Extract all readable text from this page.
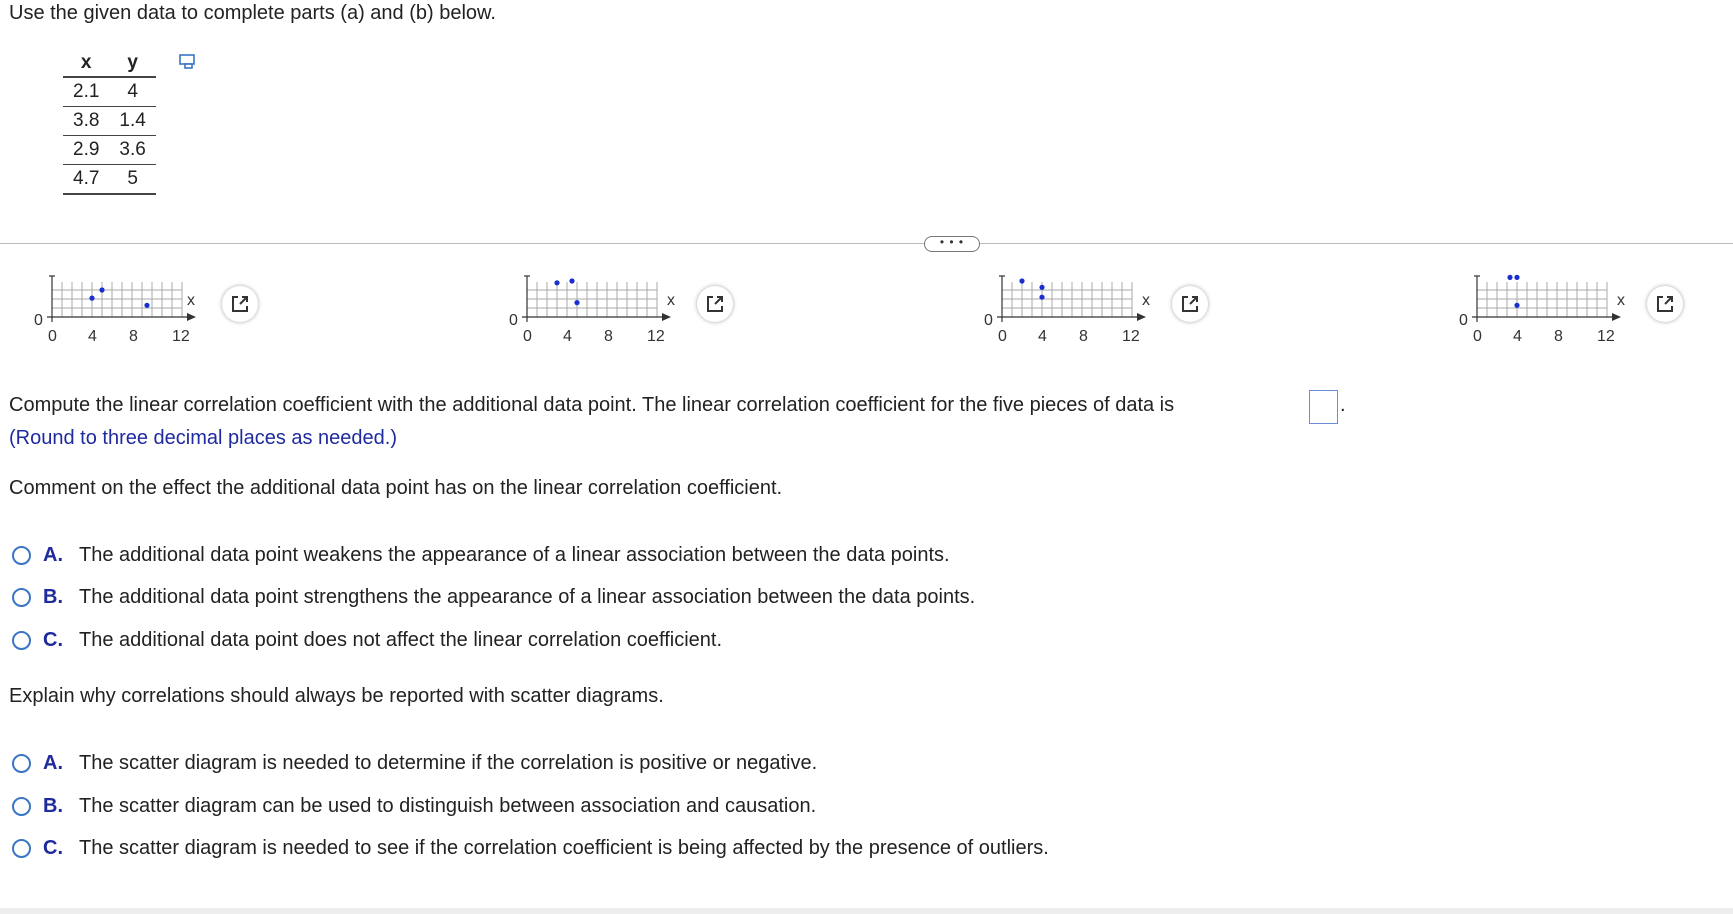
Use the given data to complete parts (a) and (b) below.
x	y
2.1	4
3.8	1.4
2.9	3.6
4.7	5
• • •
x
0
0 4 8 12
x
0
0 4 8 12
x
0
0 4 8 12
x
0
0 4 8 12
Compute the linear correlation coefficient with the additional data point. The linear correlation coefficient for the five pieces of data is	.
(Round to three decimal places as needed.)
Comment on the effect the additional data point has on the linear correlation coefficient.
A. The additional data point weakens the appearance of a linear association between the data points.
B. The additional data point strengthens the appearance of a linear association between the data points.
C. The additional data point does not affect the linear correlation coefficient.
Explain why correlations should always be reported with scatter diagrams.
A. The scatter diagram is needed to determine if the correlation is positive or negative.
B. The scatter diagram can be used to distinguish between association and causation.
C. The scatter diagram is needed to see if the correlation coefficient is being affected by the presence of outliers.
